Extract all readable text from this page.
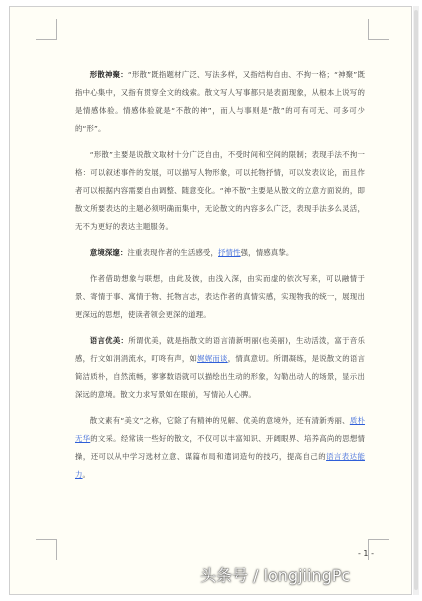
形散神聚：“形散”既指题材广泛、写法多样，又指结构自由、不拘一格；“神聚”既指中心集中，又指有贯穿全文的线索。散文写人写事都只是表面现象，从根本上说写的是情感体验。情感体验就是“不散的神”，而人与事则是“散”的可有可无、可多可少的“形”。

“形散”主要是说散文取材十分广泛自由，不受时间和空间的限制；表现手法不拘一格：可以叙述事件的发展，可以描写人物形象，可以托物抒情，可以发表议论，而且作者可以根据内容需要自由调整、随意变化。“神不散”主要是从散文的立意方面说的，即散文所要表达的主题必须明确而集中，无论散文的内容多么广泛，表现手法多么灵活，无不为更好的表达主题服务。

意境深邃：注重表现作者的生活感受，抒情性强，情感真挚。

作者借助想象与联想，由此及彼，由浅入深，由实而虚的依次写来，可以融情于景、寄情于事、寓情于物、托物言志，表达作者的真情实感，实现物我的统一，展现出更深远的思想，使读者领会更深的道理。

语言优美：所谓优美，就是指散文的语言清新明丽(也美丽)，生动活泼，富于音乐感，行文如涓涓流水，叮咚有声，如娓娓而谈，情真意切。所谓凝练，是说散文的语言简洁质朴，自然流畅，寥寥数语就可以描绘出生动的形象，勾勒出动人的场景，显示出深远的意境。散文力求写景如在眼前，写情沁人心脾。

散文素有“美文”之称，它除了有精神的见解、优美的意境外，还有清新秀丽、质朴无华的文采。经常读一些好的散文，不仅可以丰富知识、开阔眼界、培养高尚的思想情操，还可以从中学习选材立意、谋篇布局和遣词造句的技巧，提高自己的语言表达能力。

- 1 -
头条号 / longjiingPc
